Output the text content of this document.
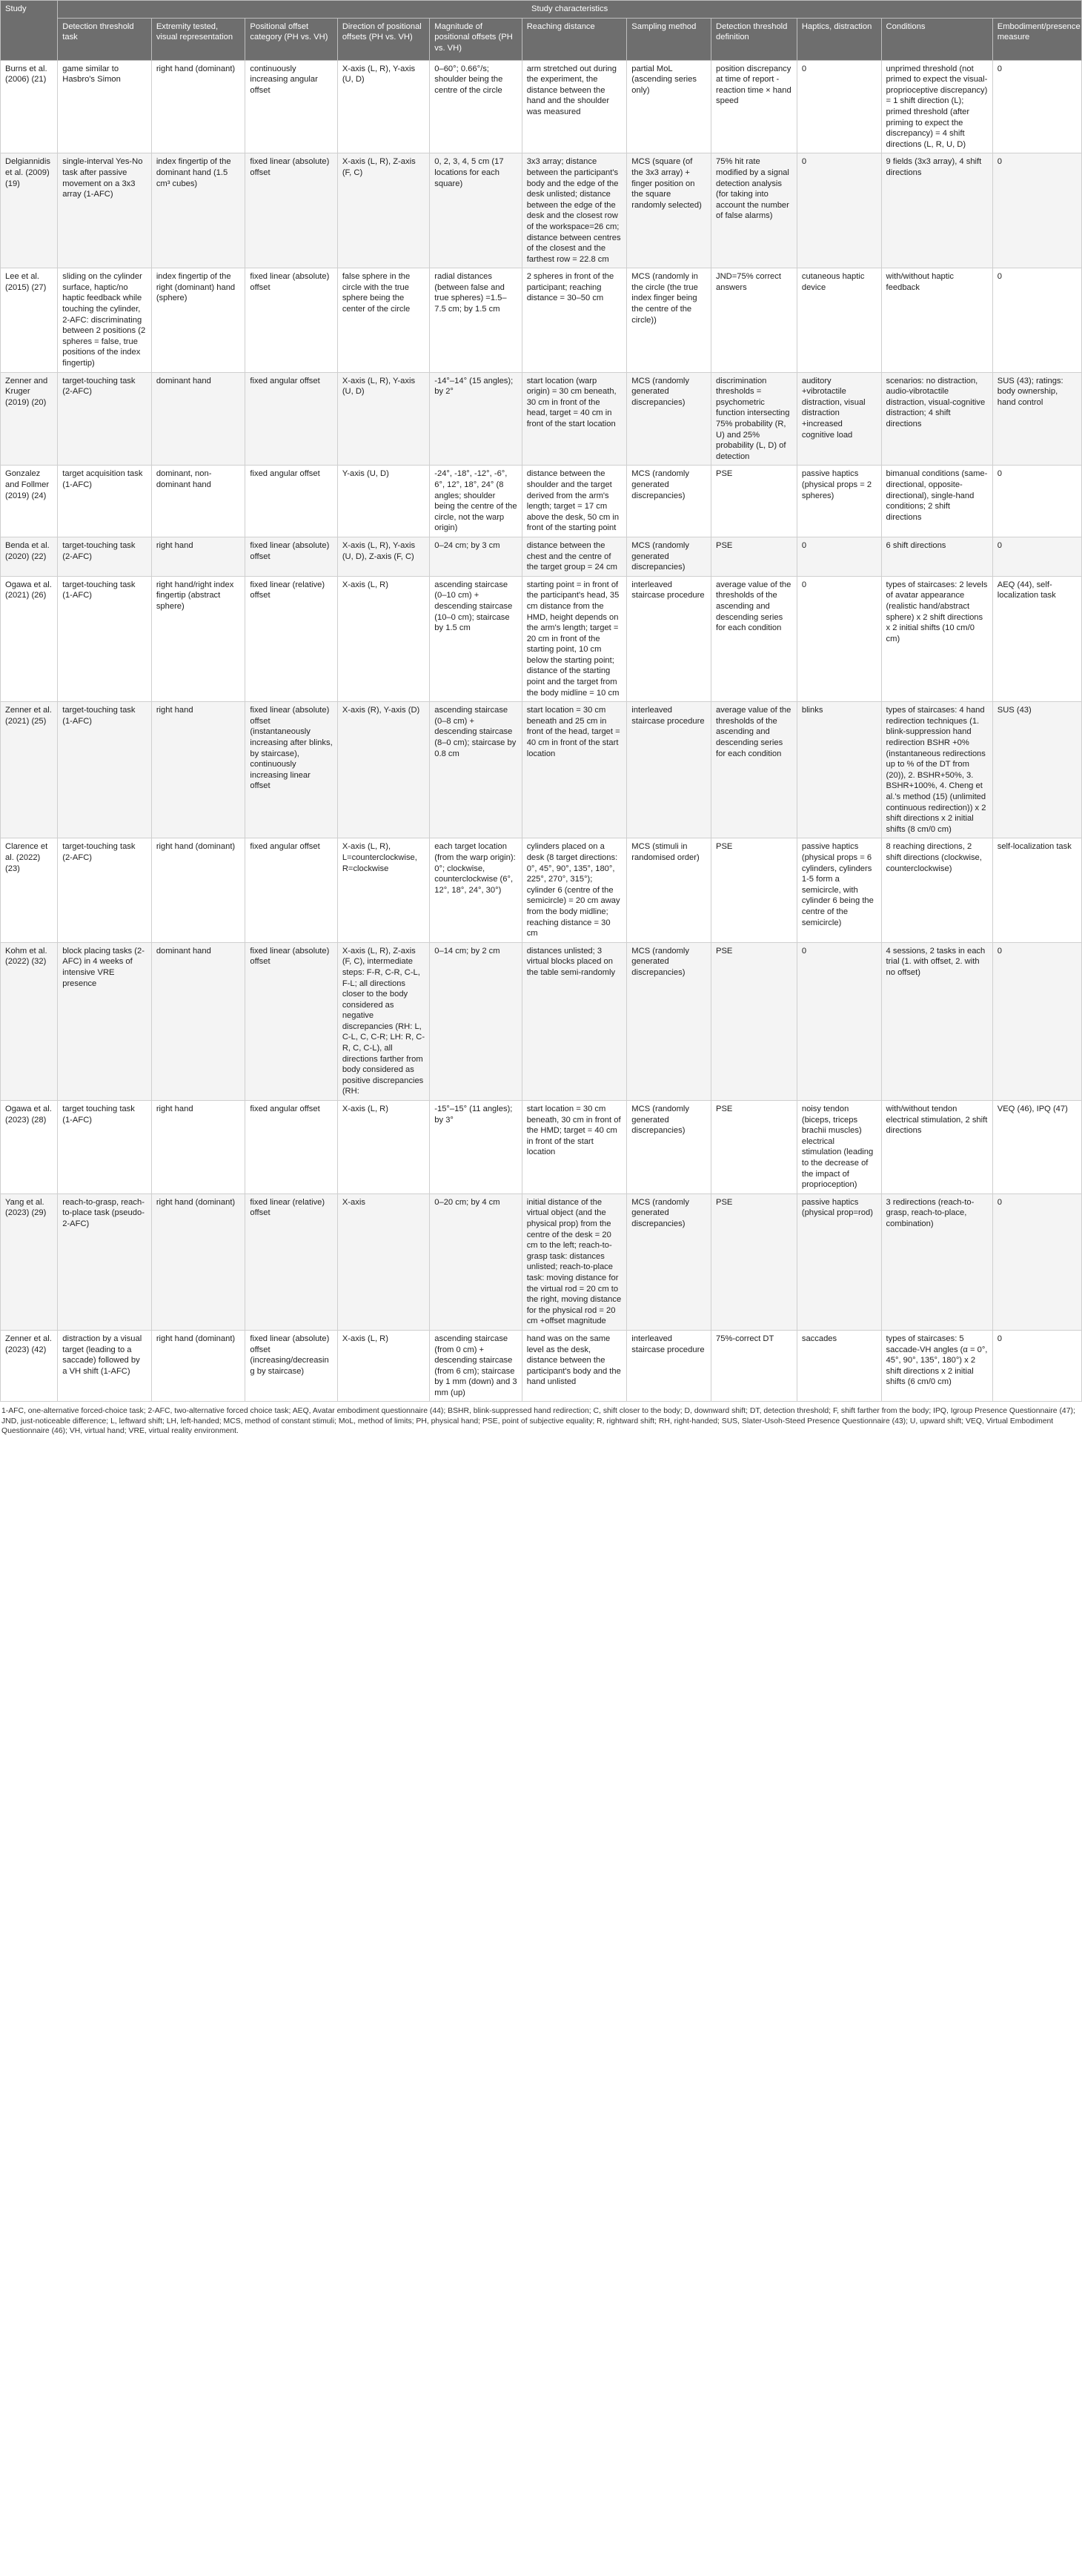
Study	Study characteristics										
	Detection threshold task	Extremity tested, visual representation	Positional offset category (PH vs. VH)	Direction of positional offsets (PH vs. VH)	Magnitude of positional offsets (PH vs. VH)	Reaching distance	Sampling method	Detection threshold definition	Haptics, distraction	Conditions	Embodiment/presence measure
Burns et al. (2006) (21)	game similar to Hasbro's Simon	right hand (dominant)	continuously increasing angular offset	X-axis (L, R), Y-axis (U, D)	0–60°; 0.66°/s; shoulder being the centre of the circle	arm stretched out during the experiment, the distance between the hand and the shoulder was measured	partial MoL (ascending series only)	position discrepancy at time of report - reaction time × hand speed	0	unprimed threshold (not primed to expect the visual-proprioceptive discrepancy) = 1 shift direction (L); primed threshold (after priming to expect the discrepancy) = 4 shift directions (L, R, U, D)	0
Delgiannidis et al. (2009) (19)	single-interval Yes-No task after passive movement on a 3x3 array (1-AFC)	index fingertip of the dominant hand (1.5 cm³ cubes)	fixed linear (absolute) offset	X-axis (L, R), Z-axis (F, C)	0, 2, 3, 4, 5 cm (17 locations for each square)	3x3 array; distance between the participant's body and the edge of the desk unlisted; distance between the edge of the desk and the closest row of the workspace=26 cm; distance between centres of the closest and the farthest row = 22.8 cm	MCS (square (of the 3x3 array) + finger position on the square randomly selected)	75% hit rate modified by a signal detection analysis (for taking into account the number of false alarms)	0	9 fields (3x3 array), 4 shift directions	0
Lee et al. (2015) (27)	sliding on the cylinder surface, haptic/no haptic feedback while touching the cylinder, 2-AFC: discriminating between 2 positions (2 spheres = false, true positions of the index fingertip)	index fingertip of the right (dominant) hand (sphere)	fixed linear (absolute) offset	false sphere in the circle with the true sphere being the center of the circle	radial distances (between false and true spheres) =1.5–7.5 cm; by 1.5 cm	2 spheres in front of the participant; reaching distance = 30–50 cm	MCS (randomly in the circle (the true index finger being the centre of the circle))	JND=75% correct answers	cutaneous haptic device	with/without haptic feedback	0
Zenner and Kruger (2019) (20)	target-touching task (2-AFC)	dominant hand	fixed angular offset	X-axis (L, R), Y-axis (U, D)	-14°–14° (15 angles); by 2°	start location (warp origin) = 30 cm beneath, 30 cm in front of the head, target = 40 cm in front of the start location	MCS (randomly generated discrepancies)	discrimination thresholds = psychometric function intersecting 75% probability (R, U) and 25% probability (L, D) of detection	auditory +vibrotactile distraction, visual distraction +increased cognitive load	scenarios: no distraction, audio-vibrotactile distraction, visual-cognitive distraction; 4 shift directions	SUS (43); ratings: body ownership, hand control
Gonzalez and Follmer (2019) (24)	target acquisition task (1-AFC)	dominant, non-dominant hand	fixed angular offset	Y-axis (U, D)	-24°, -18°, -12°, -6°, 6°, 12°, 18°, 24° (8 angles; shoulder being the centre of the circle, not the warp origin)	distance between the shoulder and the target derived from the arm's length; target = 17 cm above the desk, 50 cm in front of the starting point	MCS (randomly generated discrepancies)	PSE	passive haptics (physical props = 2 spheres)	bimanual conditions (same-directional, opposite-directional), single-hand conditions; 2 shift directions	0
Benda et al. (2020) (22)	target-touching task (2-AFC)	right hand	fixed linear (absolute) offset	X-axis (L, R), Y-axis (U, D), Z-axis (F, C)	0–24 cm; by 3 cm	distance between the chest and the centre of the target group = 24 cm	MCS (randomly generated discrepancies)	PSE	0	6 shift directions	0
Ogawa et al. (2021) (26)	target-touching task (1-AFC)	right hand/right index fingertip (abstract sphere)	fixed linear (relative) offset	X-axis (L, R)	ascending staircase (0–10 cm) + descending staircase (10–0 cm); staircase by 1.5 cm	starting point = in front of the participant's head, 35 cm distance from the HMD, height depends on the arm's length; target = 20 cm in front of the starting point, 10 cm below the starting point; distance of the starting point and the target from the body midline = 10 cm	interleaved staircase procedure	average value of the thresholds of the ascending and descending series for each condition	0	types of staircases: 2 levels of avatar appearance (realistic hand/abstract sphere) x 2 shift directions x 2 initial shifts (10 cm/0 cm)	AEQ (44), self-localization task
Zenner et al. (2021) (25)	target-touching task (1-AFC)	right hand	fixed linear (absolute) offset (instantaneously increasing after blinks, by staircase), continuously increasing linear offset	X-axis (R), Y-axis (D)	ascending staircase (0–8 cm) + descending staircase (8–0 cm); staircase by 0.8 cm	start location = 30 cm beneath and 25 cm in front of the head, target = 40 cm in front of the start location	interleaved staircase procedure	average value of the thresholds of the ascending and descending series for each condition	blinks	types of staircases: 4 hand redirection techniques (1. blink-suppression hand redirection BSHR +0% (instantaneous redirections up to % of the DT from (20)), 2. BSHR+50%, 3. BSHR+100%, 4. Cheng et al.'s method (15) (unlimited continuous redirection)) x 2 shift directions x 2 initial shifts (8 cm/0 cm)	SUS (43)
Clarence et al. (2022) (23)	target-touching task (2-AFC)	right hand (dominant)	fixed angular offset	X-axis (L, R), L=counterclockwise, R=clockwise	each target location (from the warp origin): 0°; clockwise, counterclockwise (6°, 12°, 18°, 24°, 30°)	cylinders placed on a desk (8 target directions: 0°, 45°, 90°, 135°, 180°, 225°, 270°, 315°); cylinder 6 (centre of the semicircle) = 20 cm away from the body midline; reaching distance = 30 cm	MCS (stimuli in randomised order)	PSE	passive haptics (physical props = 6 cylinders, cylinders 1-5 form a semicircle, with cylinder 6 being the centre of the semicircle)	8 reaching directions, 2 shift directions (clockwise, counterclockwise)	self-localization task
Kohm et al. (2022) (32)	block placing tasks (2-AFC) in 4 weeks of intensive VRE presence	dominant hand	fixed linear (absolute) offset	X-axis (L, R), Z-axis (F, C), intermediate steps: F-R, C-R, C-L, F-L; all directions closer to the body considered as negative discrepancies (RH: L, C-L, C, C-R; LH: R, C-R, C, C-L), all directions farther from body considered as positive discrepancies (RH:	0–14 cm; by 2 cm	distances unlisted; 3 virtual blocks placed on the table semi-randomly	MCS (randomly generated discrepancies)	PSE	0	4 sessions, 2 tasks in each trial (1. with offset, 2. with no offset)	0
Ogawa et al. (2023) (28)	target touching task (1-AFC)	right hand	fixed angular offset	X-axis (L, R)	-15°–15° (11 angles); by 3°	start location = 30 cm beneath, 30 cm in front of the HMD; target = 40 cm in front of the start location	MCS (randomly generated discrepancies)	PSE	noisy tendon (biceps, triceps brachii muscles) electrical stimulation (leading to the decrease of the impact of proprioception)	with/without tendon electrical stimulation, 2 shift directions	VEQ (46), IPQ (47)
Yang et al. (2023) (29)	reach-to-grasp, reach-to-place task (pseudo-2-AFC)	right hand (dominant)	fixed linear (relative) offset	X-axis	0–20 cm; by 4 cm	initial distance of the virtual object (and the physical prop) from the centre of the desk = 20 cm to the left; reach-to-grasp task: distances unlisted; reach-to-place task: moving distance for the virtual rod = 20 cm to the right, moving distance for the physical rod = 20 cm +offset magnitude	MCS (randomly generated discrepancies)	PSE	passive haptics (physical prop=rod)	3 redirections (reach-to-grasp, reach-to-place, combination)	0
Zenner et al. (2023) (42)	distraction by a visual target (leading to a saccade) followed by a VH shift (1-AFC)	right hand (dominant)	fixed linear (absolute) offset (increasing/decreasing by staircase)	X-axis (L, R)	ascending staircase (from 0 cm) + descending staircase (from 6 cm); staircase by 1 mm (down) and 3 mm (up)	hand was on the same level as the desk, distance between the participant's body and the hand unlisted	interleaved staircase procedure	75%-correct DT	saccades	types of staircases: 5 saccade-VH angles (α = 0°, 45°, 90°, 135°, 180°) x 2 shift directions x 2 initial shifts (6 cm/0 cm)	0
1-AFC, one-alternative forced-choice task; 2-AFC, two-alternative forced choice task; AEQ, Avatar embodiment questionnaire (44); BSHR, blink-suppressed hand redirection; C, shift closer to the body; D, downward shift; DT, detection threshold; F, shift farther from the body; IPQ, Igroup Presence Questionnaire (47); JND, just-noticeable difference; L, leftward shift; LH, left-handed; MCS, method of constant stimuli; MoL, method of limits; PH, physical hand; PSE, point of subjective equality; R, rightward shift; RH, right-handed; SUS, Slater-Usoh-Steed Presence Questionnaire (43); U, upward shift; VEQ, Virtual Embodiment Questionnaire (46); VH, virtual hand; VRE, virtual reality environment.
